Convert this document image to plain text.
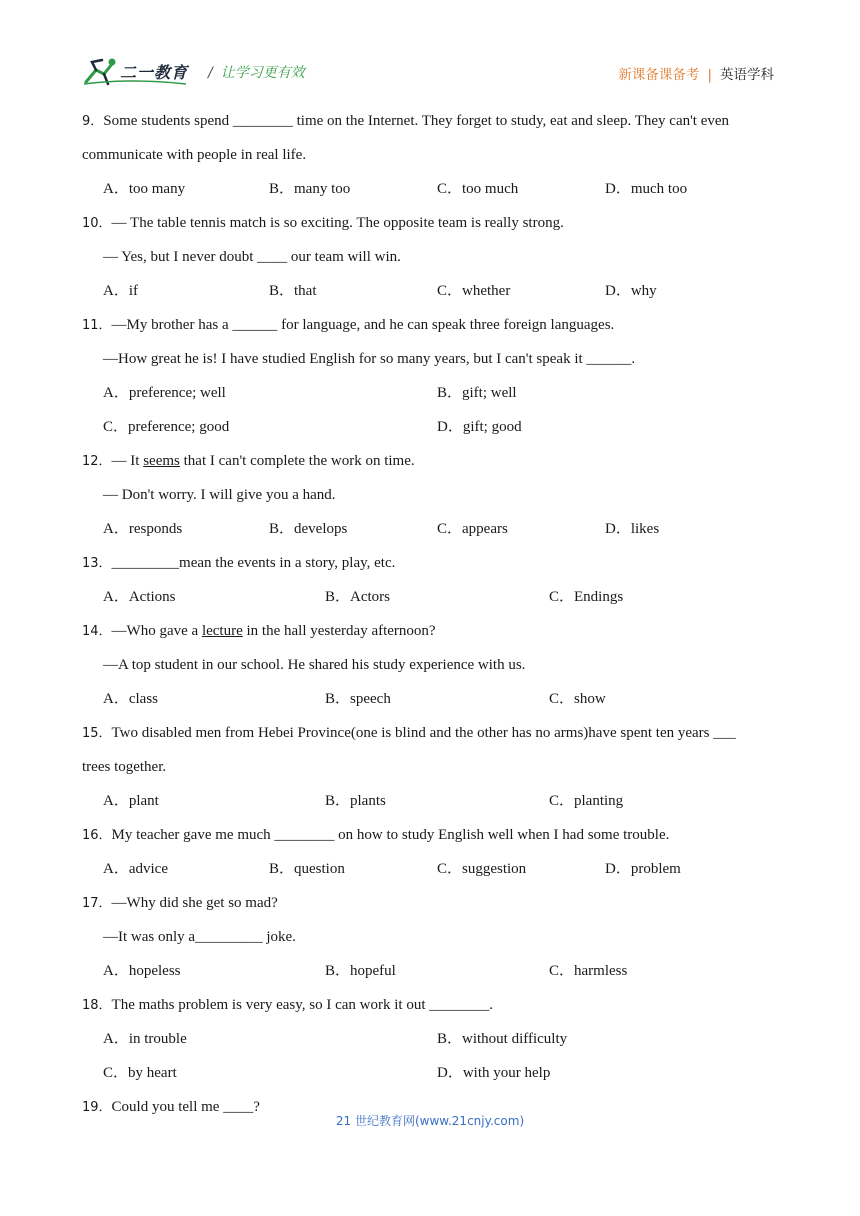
二一教育 / 让学习更有效	新课备课备考 | 英语学科
9．Some students spend ________ time on the Internet. They forget to study, eat and sleep. They can't even
communicate with people in real life.
A．too many	B．many too	C．too much	D．much too
10．— The table tennis match is so exciting. The opposite team is really strong.
— Yes, but I never doubt ____ our team will win.
A．if	B．that	C．whether	D．why
11．—My brother has a ______ for language, and he can speak three foreign languages.
—How great he is! I have studied English for so many years, but I can't speak it ______.
A．preference; well	B．gift; well
C．preference; good	D．gift; good
12．— It seems that I can't complete the work on time.
— Don't worry. I will give you a hand.
A．responds	B．develops	C．appears	D．likes
13．_________mean the events in a story, play, etc.
A．Actions	B．Actors	C．Endings
14．—Who gave a lecture in the hall yesterday afternoon?
—A top student in our school. He shared his study experience with us.
A．class	B．speech	C．show
15．Two disabled men from Hebei Province(one is blind and the other has no arms)have spent ten years ___
trees together.
A．plant	B．plants	C．planting
16．My teacher gave me much ________ on how to study English well when I had some trouble.
A．advice	B．question	C．suggestion	D．problem
17．—Why did she get so mad?
—It was only a_________ joke.
A．hopeless	B．hopeful	C．harmless
18．The maths problem is very easy, so I can work it out ________.
A．in trouble	B．without difficulty
C．by heart	D．with your help
19．Could you tell me ____?
21 世纪教育网(www.21cnjy.com)
